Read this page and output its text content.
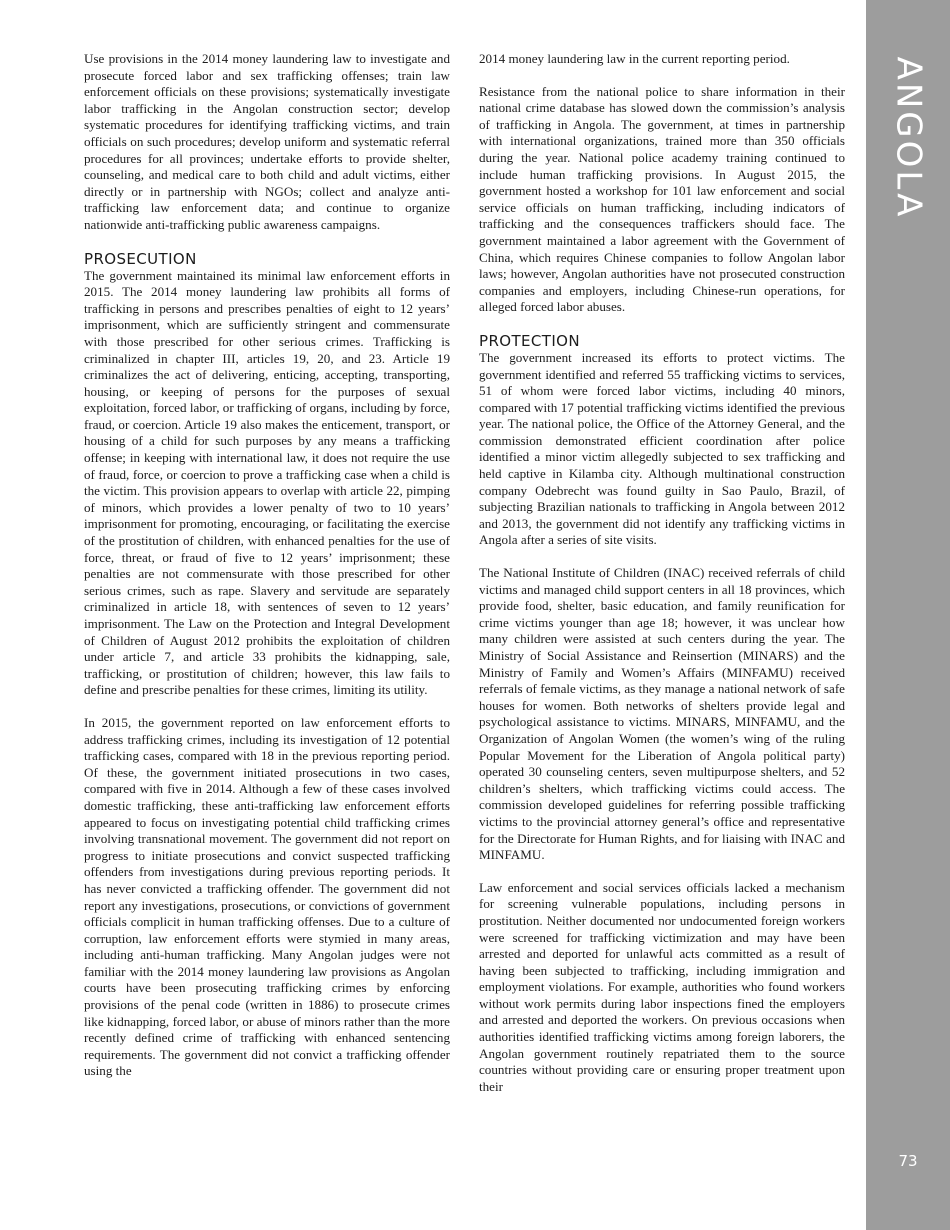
ANGOLA
73

Use provisions in the 2014 money laundering law to investigate and prosecute forced labor and sex trafficking offenses; train law enforcement officials on these provisions; systematically investigate labor trafficking in the Angolan construction sector; develop systematic procedures for identifying trafficking victims, and train officials on such procedures; develop uniform and systematic referral procedures for all provinces; undertake efforts to provide shelter, counseling, and medical care to both child and adult victims, either directly or in partnership with NGOs; collect and analyze anti-trafficking law enforcement data; and continue to organize nationwide anti-trafficking public awareness campaigns.

PROSECUTION

The government maintained its minimal law enforcement efforts in 2015. The 2014 money laundering law prohibits all forms of trafficking in persons and prescribes penalties of eight to 12 years’ imprisonment, which are sufficiently stringent and commensurate with those prescribed for other serious crimes. Trafficking is criminalized in chapter III, articles 19, 20, and 23. Article 19 criminalizes the act of delivering, enticing, accepting, transporting, housing, or keeping of persons for the purposes of sexual exploitation, forced labor, or trafficking of organs, including by force, fraud, or coercion. Article 19 also makes the enticement, transport, or housing of a child for such purposes by any means a trafficking offense; in keeping with international law, it does not require the use of fraud, force, or coercion to prove a trafficking case when a child is the victim. This provision appears to overlap with article 22, pimping of minors, which provides a lower penalty of two to 10 years’ imprisonment for promoting, encouraging, or facilitating the exercise of the prostitution of children, with enhanced penalties for the use of force, threat, or fraud of five to 12 years’ imprisonment; these penalties are not commensurate with those prescribed for other serious crimes, such as rape. Slavery and servitude are separately criminalized in article 18, with sentences of seven to 12 years’ imprisonment. The Law on the Protection and Integral Development of Children of August 2012 prohibits the exploitation of children under article 7, and article 33 prohibits the kidnapping, sale, trafficking, or prostitution of children; however, this law fails to define and prescribe penalties for these crimes, limiting its utility.

In 2015, the government reported on law enforcement efforts to address trafficking crimes, including its investigation of 12 potential trafficking cases, compared with 18 in the previous reporting period. Of these, the government initiated prosecutions in two cases, compared with five in 2014. Although a few of these cases involved domestic trafficking, these anti-trafficking law enforcement efforts appeared to focus on investigating potential child trafficking crimes involving transnational movement. The government did not report on progress to initiate prosecutions and convict suspected trafficking offenders from investigations during previous reporting periods. It has never convicted a trafficking offender. The government did not report any investigations, prosecutions, or convictions of government officials complicit in human trafficking offenses. Due to a culture of corruption, law enforcement efforts were stymied in many areas, including anti-human trafficking. Many Angolan judges were not familiar with the 2014 money laundering law provisions as Angolan courts have been prosecuting trafficking crimes by enforcing provisions of the penal code (written in 1886) to prosecute crimes like kidnapping, forced labor, or abuse of minors rather than the more recently defined crime of trafficking with enhanced sentencing requirements. The government did not convict a trafficking offender using the

2014 money laundering law in the current reporting period.

Resistance from the national police to share information in their national crime database has slowed down the commission’s analysis of trafficking in Angola. The government, at times in partnership with international organizations, trained more than 350 officials during the year. National police academy training continued to include human trafficking provisions. In August 2015, the government hosted a workshop for 101 law enforcement and social service officials on human trafficking, including indicators of trafficking and the consequences traffickers should face. The government maintained a labor agreement with the Government of China, which requires Chinese companies to follow Angolan labor laws; however, Angolan authorities have not prosecuted construction companies and employers, including Chinese-run operations, for alleged forced labor abuses.

PROTECTION

The government increased its efforts to protect victims. The government identified and referred 55 trafficking victims to services, 51 of whom were forced labor victims, including 40 minors, compared with 17 potential trafficking victims identified the previous year. The national police, the Office of the Attorney General, and the commission demonstrated efficient coordination after police identified a minor victim allegedly subjected to sex trafficking and held captive in Kilamba city. Although multinational construction company Odebrecht was found guilty in Sao Paulo, Brazil, of subjecting Brazilian nationals to trafficking in Angola between 2012 and 2013, the government did not identify any trafficking victims in Angola after a series of site visits.

The National Institute of Children (INAC) received referrals of child victims and managed child support centers in all 18 provinces, which provide food, shelter, basic education, and family reunification for crime victims younger than age 18; however, it was unclear how many children were assisted at such centers during the year. The Ministry of Social Assistance and Reinsertion (MINARS) and the Ministry of Family and Women’s Affairs (MINFAMU) received referrals of female victims, as they manage a national network of safe houses for women. Both networks of shelters provide legal and psychological assistance to victims. MINARS, MINFAMU, and the Organization of Angolan Women (the women’s wing of the ruling Popular Movement for the Liberation of Angola political party) operated 30 counseling centers, seven multipurpose shelters, and 52 children’s shelters, which trafficking victims could access. The commission developed guidelines for referring possible trafficking victims to the provincial attorney general’s office and representative for the Directorate for Human Rights, and for liaising with INAC and MINFAMU.

Law enforcement and social services officials lacked a mechanism for screening vulnerable populations, including persons in prostitution. Neither documented nor undocumented foreign workers were screened for trafficking victimization and may have been arrested and deported for unlawful acts committed as a result of having been subjected to trafficking, including immigration and employment violations. For example, authorities who found workers without work permits during labor inspections fined the employers and arrested and deported the workers. On previous occasions when authorities identified trafficking victims among foreign laborers, the Angolan government routinely repatriated them to the source countries without providing care or ensuring proper treatment upon their
